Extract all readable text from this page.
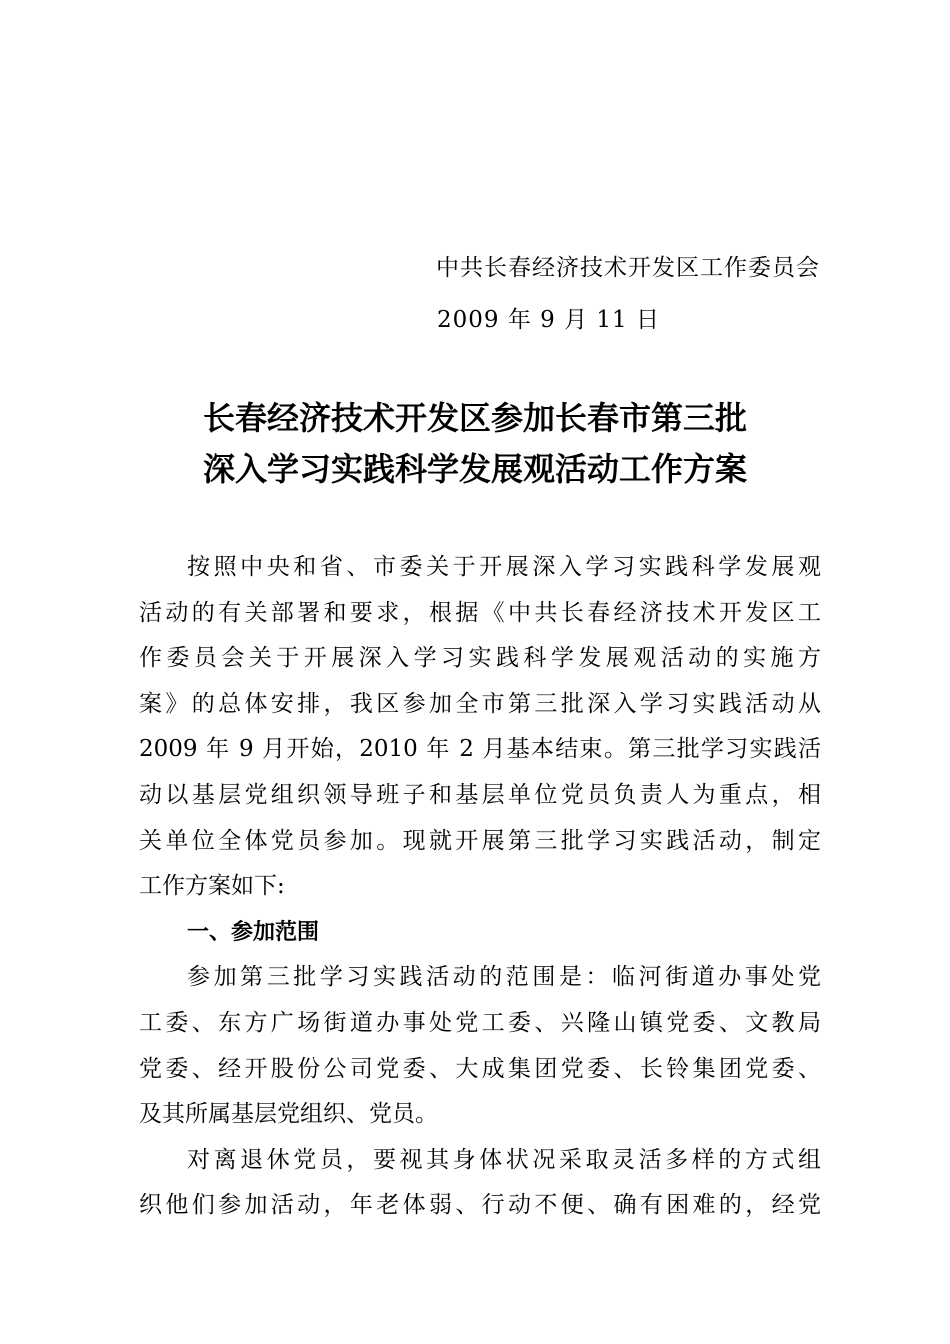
中共长春经济技术开发区工作委员会
2009 年 9 月 11 日
长春经济技术开发区参加长春市第三批
深入学习实践科学发展观活动工作方案
按照中央和省、市委关于开展深入学习实践科学发展观
活动的有关部署和要求，根据《中共长春经济技术开发区工
作委员会关于开展深入学习实践科学发展观活动的实施方
案》的总体安排，我区参加全市第三批深入学习实践活动从
2009 年 9 月开始，2010 年 2 月基本结束。第三批学习实践活
动以基层党组织领导班子和基层单位党员负责人为重点，相
关单位全体党员参加。现就开展第三批学习实践活动，制定
工作方案如下:
一、参加范围
参加第三批学习实践活动的范围是：临河街道办事处党
工委、东方广场街道办事处党工委、兴隆山镇党委、文教局
党委、经开股份公司党委、大成集团党委、长铃集团党委、
及其所属基层党组织、党员。
对离退休党员，要视其身体状况采取灵活多样的方式组
织他们参加活动，年老体弱、行动不便、确有困难的，经党
